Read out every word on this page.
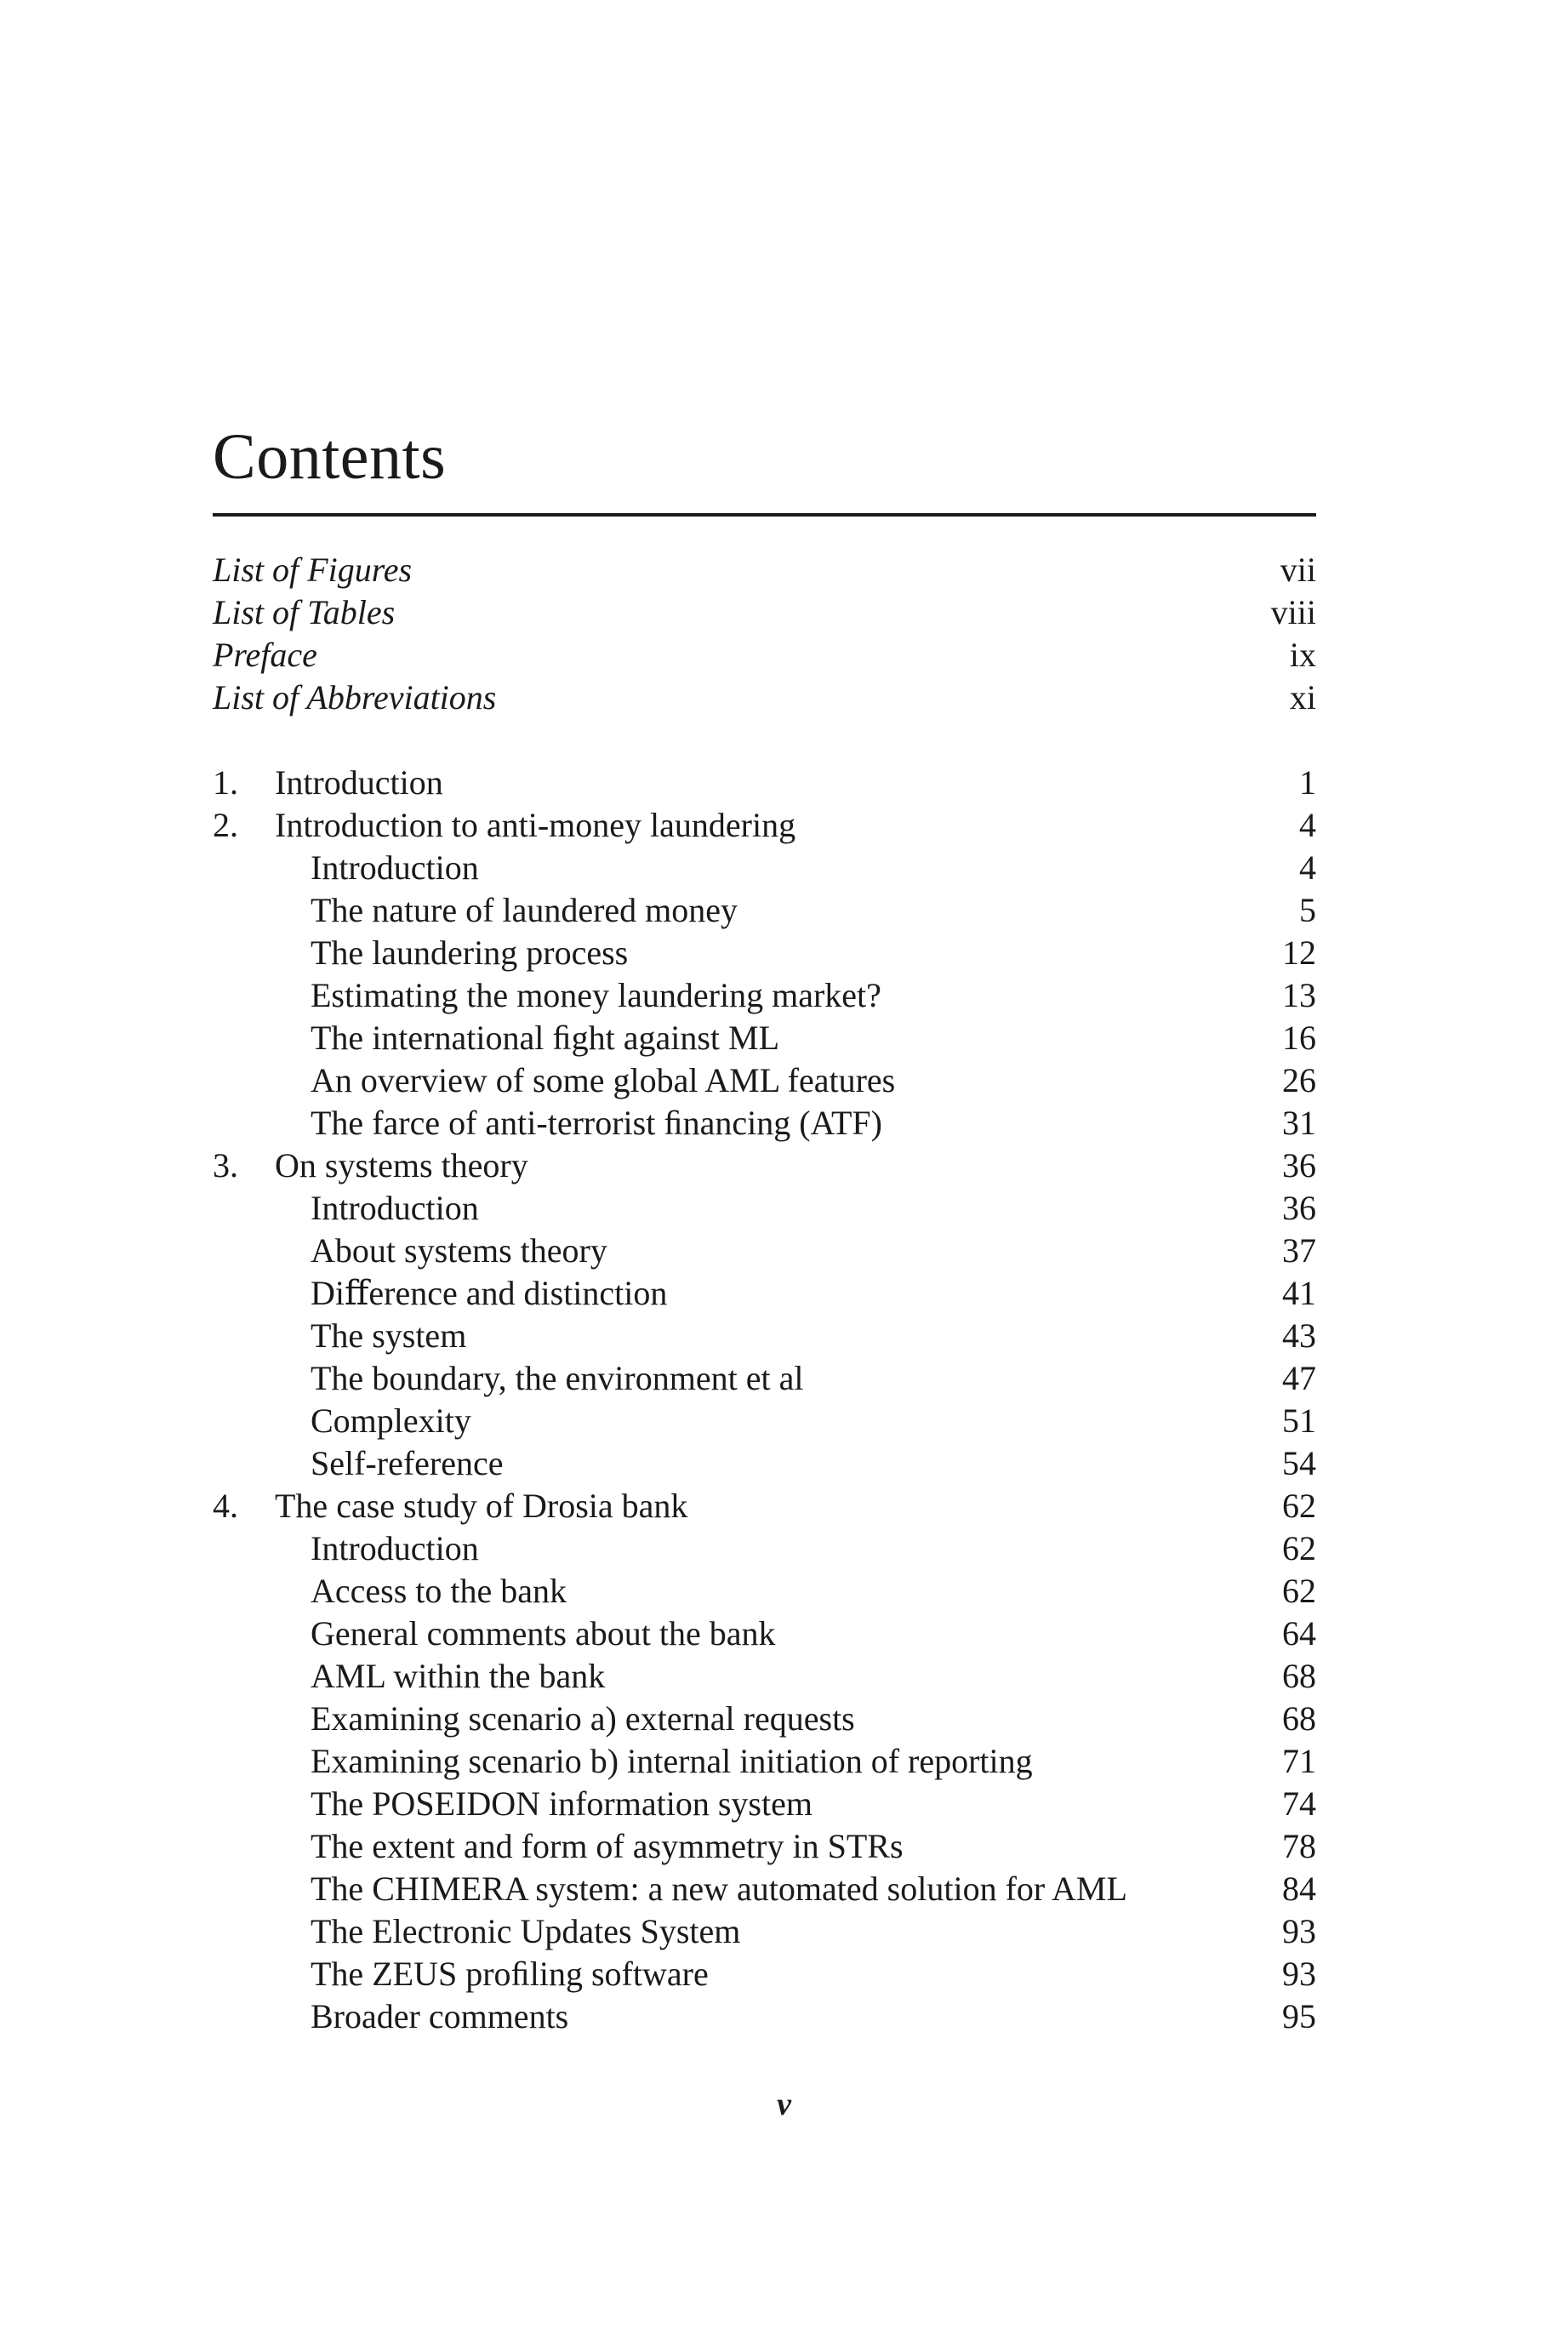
Contents
List of Figures	vii
List of Tables	viii
Preface	ix
List of Abbreviations	xi
1. Introduction	1
2. Introduction to anti-money laundering	4
Introduction	4
The nature of laundered money	5
The laundering process	12
Estimating the money laundering market?	13
The international ﬁght against ML	16
An overview of some global AML features	26
The farce of anti-terrorist ﬁnancing (ATF)	31
3. On systems theory	36
Introduction	36
About systems theory	37
Diﬀerence and distinction	41
The system	43
The boundary, the environment et al	47
Complexity	51
Self-reference	54
4. The case study of Drosia bank	62
Introduction	62
Access to the bank	62
General comments about the bank	64
AML within the bank	68
Examining scenario a) external requests	68
Examining scenario b) internal initiation of reporting	71
The POSEIDON information system	74
The extent and form of asymmetry in STRs	78
The CHIMERA system: a new automated solution for AML	84
The Electronic Updates System	93
The ZEUS proﬁling software	93
Broader comments	95
v
